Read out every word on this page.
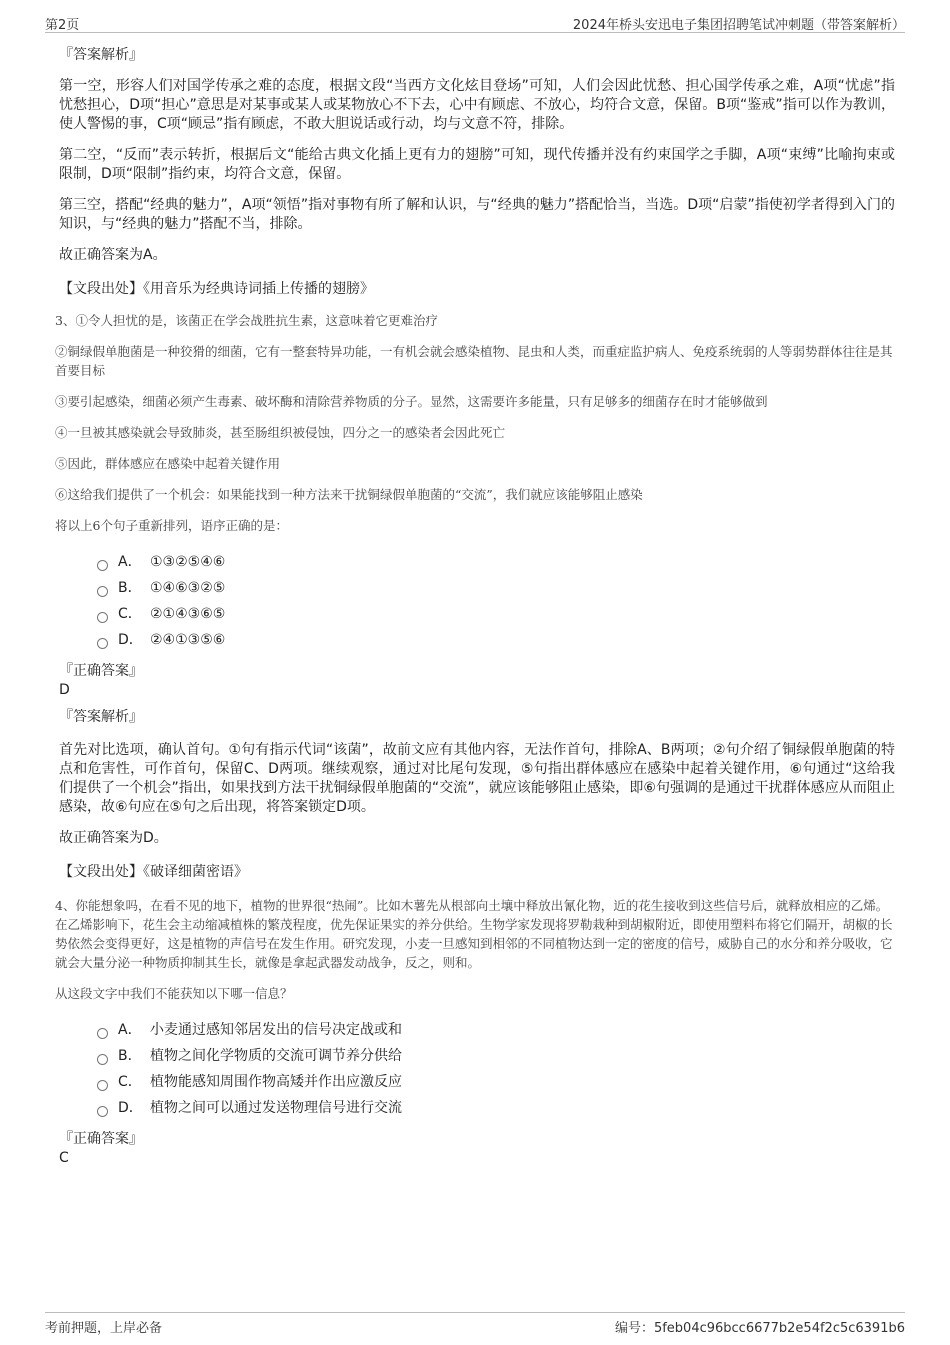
第2页	2024年桥头安迅电子集团招聘笔试冲刺题（带答案解析）
『答案解析』
第一空，形容人们对国学传承之难的态度，根据文段“当西方文化炫目登场”可知，人们会因此忧愁、担心国学传承之难，A项“忧虑”指忧愁担心，D项“担心”意思是对某事或某人或某物放心不下去，心中有顾虑、不放心，均符合文意，保留。B项“鉴戒”指可以作为教训，使人警惕的事，C项“顾忌”指有顾虑，不敢大胆说话或行动，均与文意不符，排除。
第二空，“反而”表示转折，根据后文“能给古典文化插上更有力的翅膀”可知，现代传播并没有约束国学之手脚，A项“束缚”比喻拘束或限制，D项“限制”指约束，均符合文意，保留。
第三空，搭配“经典的魅力”，A项“领悟”指对事物有所了解和认识，与“经典的魅力”搭配恰当，当选。D项“启蒙”指使初学者得到入门的知识，与“经典的魅力”搭配不当，排除。
故正确答案为A。
【文段出处】《用音乐为经典诗词插上传播的翅膀》
3、①令人担忧的是，该菌正在学会战胜抗生素，这意味着它更难治疗
②铜绿假单胞菌是一种狡猾的细菌，它有一整套特异功能，一有机会就会感染植物、昆虫和人类，而重症监护病人、免疫系统弱的人等弱势群体往往是其首要目标
③要引起感染，细菌必须产生毒素、破坏酶和清除营养物质的分子。显然，这需要许多能量，只有足够多的细菌存在时才能够做到
④一旦被其感染就会导致肺炎，甚至肠组织被侵蚀，四分之一的感染者会因此死亡
⑤因此，群体感应在感染中起着关键作用
⑥这给我们提供了一个机会：如果能找到一种方法来干扰铜绿假单胞菌的“交流”，我们就应该能够阻止感染
将以上6个句子重新排列，语序正确的是：
A． ①③②⑤④⑥
B． ①④⑥③②⑤
C． ②①④③⑥⑤
D． ②④①③⑤⑥
『正确答案』
D
『答案解析』
首先对比选项，确认首句。①句有指示代词“该菌”，故前文应有其他内容，无法作首句，排除A、B两项；②句介绍了铜绿假单胞菌的特点和危害性，可作首句，保留C、D两项。继续观察，通过对比尾句发现，⑤句指出群体感应在感染中起着关键作用，⑥句通过“这给我们提供了一个机会”指出，如果找到方法干扰铜绿假单胞菌的“交流”，就应该能够阻止感染，即⑥句强调的是通过干扰群体感应从而阻止感染，故⑥句应在⑤句之后出现，将答案锁定D项。
故正确答案为D。
【文段出处】《破译细菌密语》
4、你能想象吗，在看不见的地下，植物的世界很“热闹”。比如木薯先从根部向土壤中释放出氰化物，近的花生接收到这些信号后，就释放相应的乙烯。在乙烯影响下，花生会主动缩减植株的繁茂程度，优先保证果实的养分供给。生物学家发现将罗勒栽种到胡椒附近，即使用塑料布将它们隔开，胡椒的长势依然会变得更好，这是植物的声信号在发生作用。研究发现，小麦一旦感知到相邻的不同植物达到一定的密度的信号，威胁自己的水分和养分吸收，它就会大量分泌一种物质抑制其生长，就像是拿起武器发动战争，反之，则和。
从这段文字中我们不能获知以下哪一信息？
A． 小麦通过感知邻居发出的信号决定战或和
B． 植物之间化学物质的交流可调节养分供给
C． 植物能感知周围作物高矮并作出应激反应
D． 植物之间可以通过发送物理信号进行交流
『正确答案』
C
考前押题，上岸必备	编号：5feb04c96bcc6677b2e54f2c5c6391b6
